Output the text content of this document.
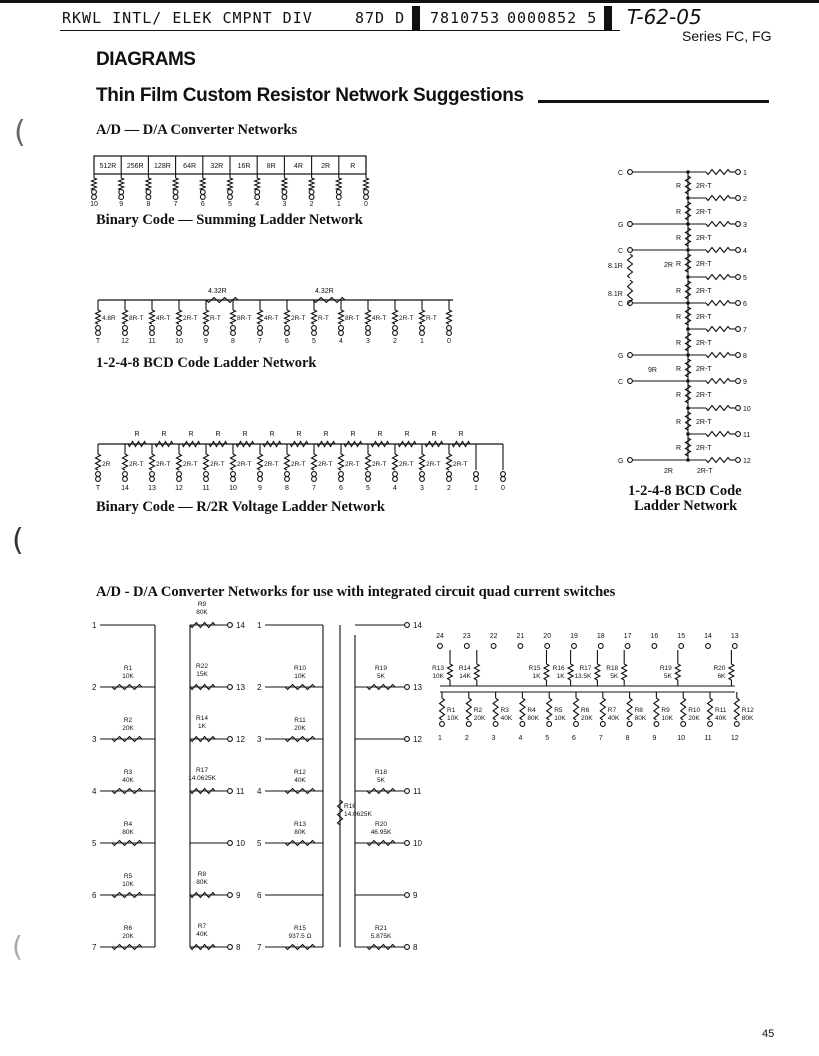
RKWL INTL/ ELEK CMPNT DIV	87D D 7810753 0000852 5 T-62-05
Series FC, FG
DIAGRAMS
Thin Film Custom Resistor Network Suggestions
A/D — D/A Converter Networks
10	9	8	7	6	5	4	3	2	1	0
512R 256R 128R 64R 32R 16R 8R	4R	2R	R
Binary Code — Summing Ladder Network
4.32R	4.32R
T
4.8R
12
8R-T
11
4R-T
10
2R-T
9
R-T
8
8R-T
7
4R-T
6
2R-T
5
R-T
4
8R-T
3
4R-T
2
2R-T
1
R-T
0
1-2-4-8 BCD Code Ladder Network
R	R	R	R	R	R	R	R	R	R	R	R	R
2R
T
2R-T
14
2R-T
13
2R-T
12
2R-T
11
2R-T
10
2R-T
9
2R-T
8
2R-T
7
2R-T
6
2R-T
5
2R-T
4
2R-T
3
2R-T
2	1	0
Binary Code — R/2R Voltage Ladder Network
1
R 2R-T
2
R 2R-T
3
R 2R-T
4
R 2R-T
5
R 2R-T
6
R 2R-T
7
R 2R-T
8
R 2R-T
9
R 2R-T
10
R 2R-T
11
R 2R-T
12
C
G
C
C
G
C
G
8.1R
8.1R
9R
2R
2R	2R-T
1-2-4-8 BCD Code
Ladder Network
A/D - D/A Converter Networks for use with integrated circuit quad current switches
1
R9
80K
14
2
R1
10K
R22
15K
13
3
R2
20K
R14
1K
12
4
R3
40K
R17
14.0625K
11
5
R4
80K
10
6
R5
10K
R8
80K
9
7
R6
20K
R7
40K
8
1
2
R10
10K
3
R11
20K
4
R12
40K
5
R13
80K
6
7
R15
937.5 Ω
14
R19
5K
13
12
R18
5K
11
R20
46.95K
10
9
R21
5.875K
8
R16
14.0625K
24	23	22	21	20	19	18	17	16	15	14	13
R13
10K
R14
14K
R15
1K
R16
1K
R17
13.5K
R18
5K
R19
5K
R20
6K
R1
10K
R2
20K
R3
40K
R4
80K
R5
10K
R6
20K
R7
40K
R8
80K
R9
10K
R10
20K
R11
40K
R12
80K
1	2	3	4	5	6	7	8	9	10	11	12
45
(
(
(
